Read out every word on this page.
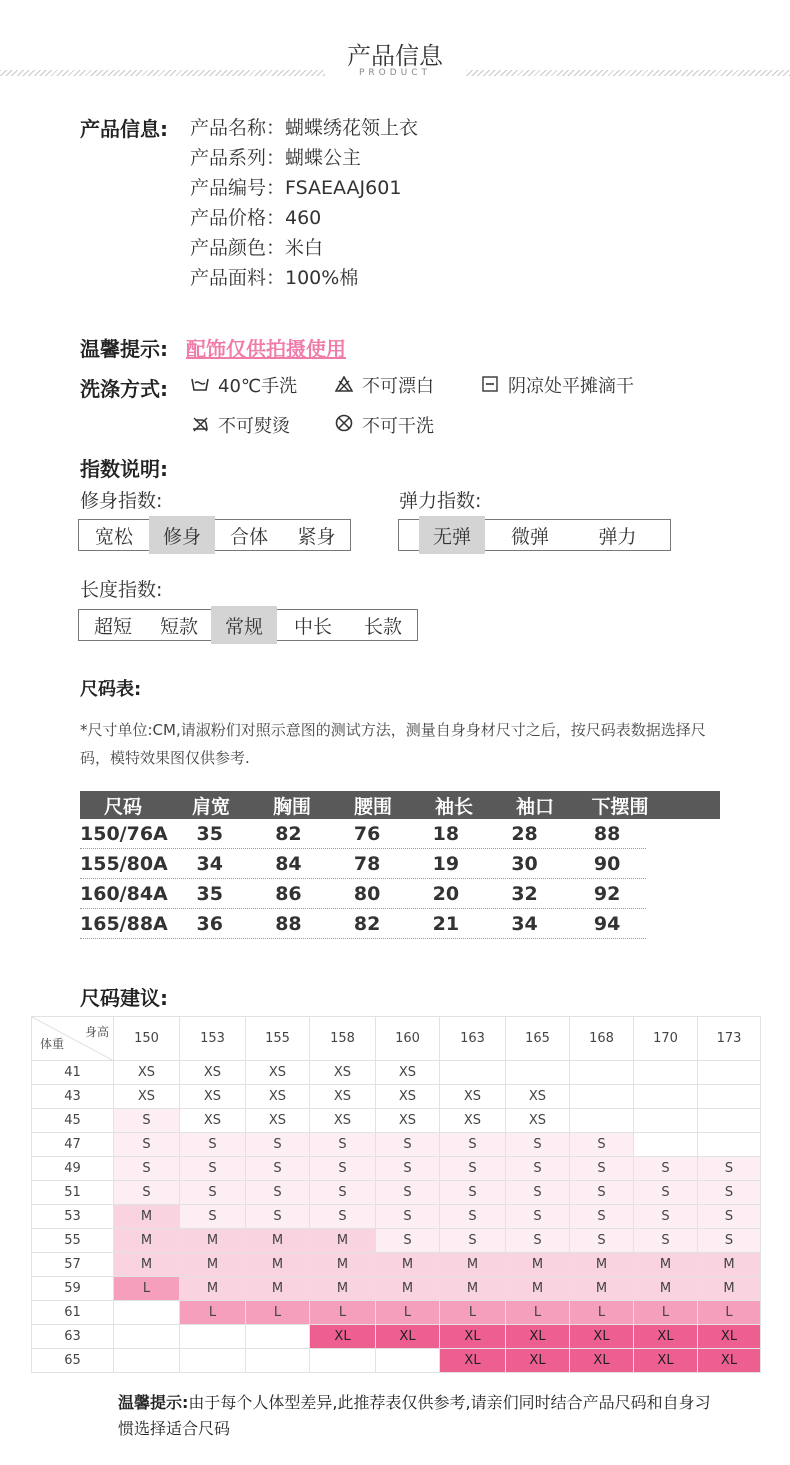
产品信息
PRODUCT
产品信息: 产品名称：蝴蝶绣花领上衣
产品系列：蝴蝶公主
产品编号：FSAEAAJ601
产品价格：460
产品颜色：米白
产品面料：100%棉
温馨提示: 配饰仅供拍摄使用
洗涤方式:	40℃手洗	不可漂白	阴凉处平摊滴干
不可熨烫	不可干洗
指数说明:
修身指数:
宽松	修身	合体	紧身
弹力指数:
无弹	微弹	弹力
长度指数:
超短	短款	常规	中长	长款
尺码表:
*尺寸单位:CM,请淑粉们对照示意图的测试方法，测量自身身材尺寸之后，按尺码表数据选择尺码，模特效果图仅供参考.
尺码	肩宽	胸围	腰围	袖长	袖口	下摆围
150/76A	35	82	76	18	28	88
155/80A	34	84	78	19	30	90
160/84A	35	86	80	20	32	92
165/88A	36	88	82	21	34	94
尺码建议:
身高
体重	150	153	155	158	160	163	165	168	170	173
41	XS	XS	XS	XS	XS					
43	XS	XS	XS	XS	XS	XS	XS			
45	S	XS	XS	XS	XS	XS	XS			
47	S	S	S	S	S	S	S	S		
49	S	S	S	S	S	S	S	S	S	S
51	S	S	S	S	S	S	S	S	S	S
53	M	S	S	S	S	S	S	S	S	S
55	M	M	M	M	S	S	S	S	S	S
57	M	M	M	M	M	M	M	M	M	M
59	L	M	M	M	M	M	M	M	M	M
61		L	L	L	L	L	L	L	L	L
63				XL	XL	XL	XL	XL	XL	XL
65						XL	XL	XL	XL	XL
温馨提示:由于每个人体型差异,此推荐表仅供参考,请亲们同时结合产品尺码和自身习惯选择适合尺码
